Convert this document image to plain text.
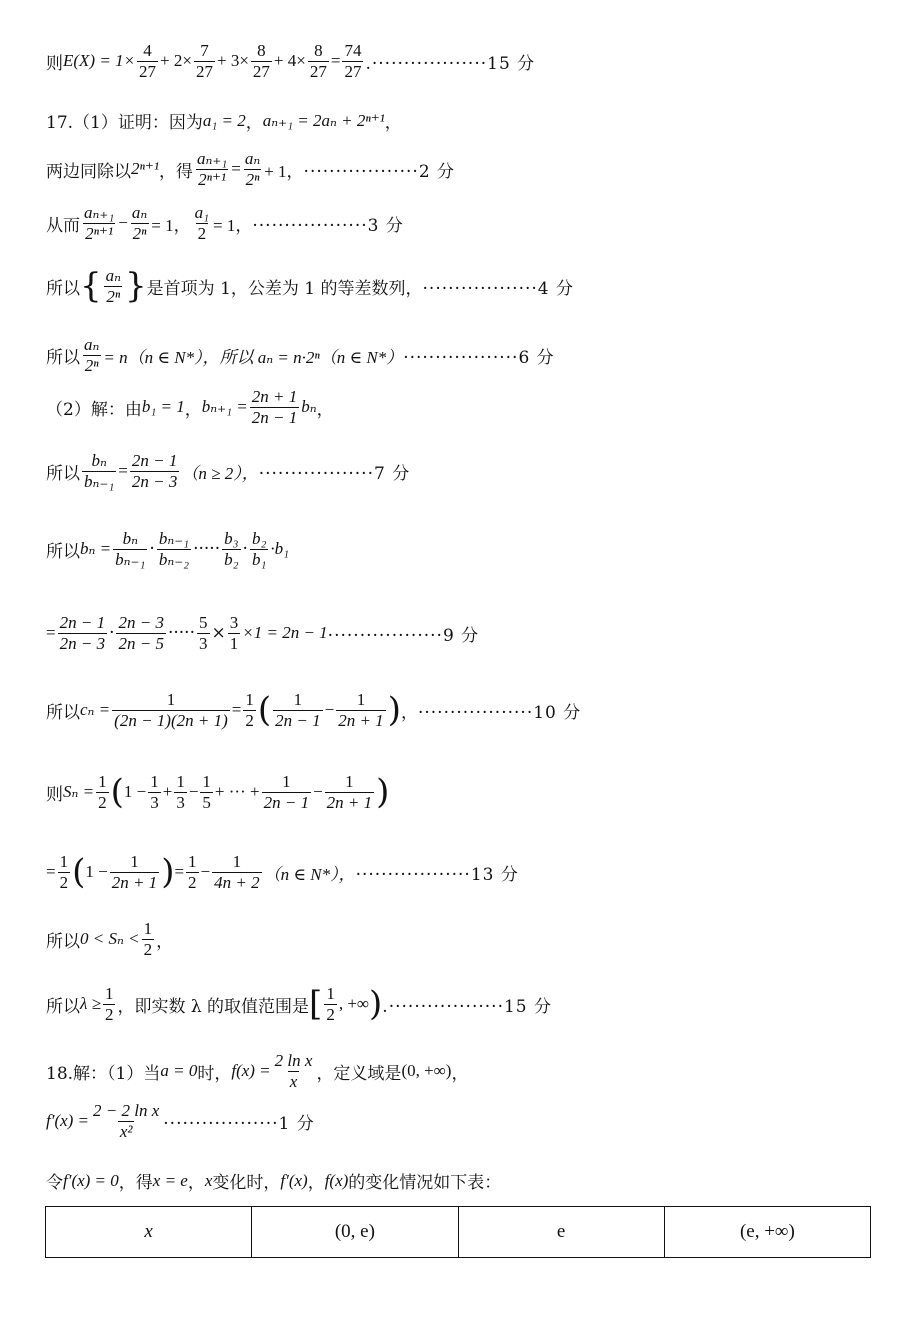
则 $E(X) = 1\times \frac{4}{27} + 2\times \frac{7}{27} + 3\times \frac{8}{27} + 4\times \frac{8}{27} = \frac{74}{27} .\cdot\cdot\cdot\cdot\cdot\cdot\cdot\cdot\cdot\cdot\cdot\cdot\cdot\cdot\cdot\cdot\cdot\cdot 15$ 分
17.（1）证明：因为 a₁ = 2 ， aₙ₊₁ = 2aₙ + 2ⁿ⁺¹ ，
两边同除以 2ⁿ⁺¹ ，得 $\frac{\text{aₙ₊₁}}{\text{2ⁿ⁺¹}} = \frac{\text{aₙ}}{\text{2ⁿ}} + 1$， ··················2 分
从而 $\frac{\text{aₙ₊₁}}{\text{2ⁿ⁺¹}} - \frac{\text{aₙ}}{\text{2ⁿ}} = 1$， $\frac{\text{a₁}}{2} = 1$， ··················3 分
所以 { $\frac{\text{aₙ}}{\text{2ⁿ}}$ } 是首项为 1，公差为 1 的等差数列， ··················4 分
所以 $\frac{\text{aₙ}}{\text{2ⁿ}} = n(n$ ∈ N*），所以 aₙ = n·2ⁿ（n ∈ N*） ··················6 分
（2）解：由 b₁ = 1 ， $b_{n+1} = \frac{2n + 1}{2n - 1}$ bₙ ，
所以 $\frac{\text{bₙ}}{\text{bₙ₋₁}} = \frac{2n - 1}{2n - 3} (n \ge 2)$， ··················7 分
所以 $b_n = \frac{\text{bₙ}}{\text{bₙ₋₁}} \cdot \frac{\text{bₙ₋₁}}{\text{bₙ₋₂}}$ ····· $\frac{\text{b₃}}{\text{b₂}} \cdot \frac{\text{b₂}}{\text{b₁}} \cdot b_1$
= $\frac{2n - 1}{2n - 3} \cdot \frac{2n - 3}{2n - 5}$ ····· $\frac{5}{3} \times \frac{3}{1} \times 1 = 2n - 1 \cdot\cdot\cdot\cdot\cdot\cdot\cdot\cdot\cdot\cdot\cdot\cdot\cdot\cdot\cdot\cdot\cdot\cdot 9$ 分
所以 $c_n = \frac{1}{(2n - 1)(2n + 1)} = \frac{1}{2}$ ( $\frac{1}{2n - 1} - \frac{1}{2n + 1}$ ) ， ··················10 分
则 $S_n = \frac{1}{2}$ ( $1 - \frac{1}{3} + \frac{1}{3} - \frac{1}{5}$ + ··· + $\frac{1}{2n - 1} - \frac{1}{2n + 1}$ )
= $\frac{1}{2}$ ( $1 - \frac{1}{2n + 1}$ ) = $\frac{1}{2} - \frac{1}{4n + 2} (n$ ∈ N*）， ··················13 分
所以 $0 < S_n < \frac{1}{2}$ ，
所以 $\lambda \ge \frac{1}{2}$ ，即实数 λ 的取值范围是 [ $\frac{1}{2}$ , +∞ ) .··················15 分
18.解：（1）当 a = 0 时， $f(x) = \frac{\text{2 ln x}}{x}$ ，定义域是 (0, +∞) ，
$f'(x) = \frac{\text{2 − 2 ln x}}{\text{x²}} \cdot\cdot\cdot\cdot\cdot\cdot\cdot\cdot\cdot\cdot\cdot\cdot\cdot\cdot\cdot\cdot\cdot\cdot 1$ 分
令 f′(x) = 0 ，得 x = e ， x 变化时， f′(x) ， f(x) 的变化情况如下表：
x	(0, e)	e	(e, +∞)
